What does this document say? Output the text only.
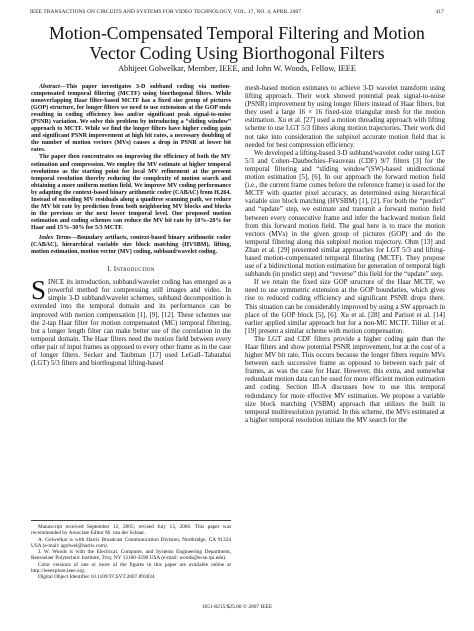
IEEE TRANSACTIONS ON CIRCUITS AND SYSTEMS FOR VIDEO TECHNOLOGY, VOL. 17, NO. 4, APRIL 2007	417
Motion-Compensated Temporal Filtering and Motion
Vector Coding Using Biorthogonal Filters
Abhijeet Golwelkar, Member, IEEE, and John W. Woods, Fellow, IEEE

Abstract—This paper investigates 3-D subband coding via motion-compensated temporal filtering (MCTF) using biorthogonal filters. While nonoverlapping Haar filter-based MCTF has a fixed size group of pictures (GOP) structure, for longer filters we need to use extensions at the GOP ends resulting in coding efficiency loss and/or significant peak signal-to-noise (PSNR) variation. We solve this problem by introducing a “sliding window” approach to MCTF. While we find the longer filters have higher coding gain and significant PSNR improvement at high bit rates, a necessary doubling of the number of motion vectors (MVs) causes a drop in PSNR at lower bit rates.

The paper then concentrates on improving the efficiency of both the MV estimation and compression. We employ the MV estimate at higher temporal resolutions as the starting point for local MV refinement at the present temporal resolution thereby reducing the complexity of motion search and obtaining a more uniform motion field. We improve MV coding performance by adapting the context-based binary arithmetic coder (CABAC) from H.264. Instead of encoding MV residuals along a quadtree scanning path, we reduce the MV bit rate by prediction from both neighboring MV blocks and blocks in the previous or the next lower temporal level. Our proposed motion estimation and coding schemes can reduce the MV bit rate by 10%–20% for Haar and 15%–30% for 5/3 MCTF.

Index Terms—Boundary artifacts, context-based binary arithmetic coder (CABAC), hierarchical variable size block matching (HVSBM), lifting, motion estimation, motion vector (MV) coding, subband/wavelet coding.

I. Introduction

SINCE its introduction, subband/wavelet coding has emerged as a powerful method for compressing still images and video. In simple 3-D subband/wavelet schemes, subband decomposition is extended into the temporal domain and its performance can be improved with motion compensation [1], [9], [12]. These schemes use the 2-tap Haar filter for motion compensated (MC) temporal filtering, but a longer length filter can make better use of the correlation in the temporal domain. The Haar filters need the motion field between every other pair of input frames as opposed to every other frame as in the case of longer filters. Secker and Taubman [17] used LeGall–Tabatabai (LGT) 5/3 filters and biorthogonal lifting-based

Manuscript received September 12, 2005; revised July 13, 2006. This paper was recommended by Associate Editor M. van der Schaar.

A. Golwelkar is with Harris Broadcast Communication Division, Northridge, CA 91324 USA (e-mail: agolwel@harris.com).

J. W. Woods is with the Electrical, Computer, and Systems Engineering Department, Rensselaer Polytechnic Institute, Troy, NY 12180-3590 USA (e-mail: woods@ecse.rpi.edu).

Color versions of one or more of the figures in this paper are available online at http://ieeexplore.ieee.org.

Digital Object Identifier 10.1109/TCSVT.2007.893834

mesh-based motion estimates to achieve 3-D wavelet transform using lifting approach. Their work showed potential peak signal-to-noise (PSNR) improvement by using longer filters instead of Haar filters, but they used a large 16 × 16 fixed-size triangular mesh for the motion estimation. Xu et al. [27] used a motion threading approach with lifting scheme to use LGT 5/3 filters along motion trajectories. Their work did not take into consideration the subpixel accurate motion field that is needed for best compression efficiency.

We developed a lifting-based 3-D subband/wavelet coder using LGT 5/3 and Cohen–Daubechies–Feauveau (CDF) 9/7 filters [3] for the temporal filtering and “sliding window”(SW)-based unidirectional motion estimation [5], [6]. In our approach the forward motion field (i.e., the current frame comes before the reference frame) is used for the MCTF with quarter pixel accuracy, as determined using hierarchical variable size block matching (HVSBM) [1], [2]. For both the “predict” and “update” step, we estimate and transmit a forward motion field between every consecutive frame and infer the backward motion field from this forward motion field. The goal here is to trace the motion vectors (MVs) in the given group of pictures (GOP) and do the temporal filtering along this subpixel motion trajectory. Ohm [13] and Zhan et al. [29] presented similar approaches for LGT 5/3 and lifting-based motion-compensated temporal filtering (MCTF). They propose use of a bidirectional motion estimation for generation of temporal high subbands (in predict step) and “reverse” this field for the “update” step.

If we retain the fixed size GOP structure of the Haar MCTF, we need to use symmetric extension at the GOP boundaries, which gives rise to reduced coding efficiency and significant PSNR drops there. This situation can be considerably improved by using a SW approach in place of the GOP block [5], [6]. Xu et al. [28] and Parisot et al. [14] earlier applied similar approach but for a non-MC MCTF. Tillier et al. [19] present a similar scheme with motion compensation.

The LGT and CDF filters provide a higher coding gain than the Haar filters and show potential PSNR improvement, but at the cost of a higher MV bit rate. This occurs because the longer filters require MVs between each successive frame as opposed to between each pair of frames, as was the case for Haar. However, this extra, and somewhat redundant motion data can be used for more efficient motion estimation and coding. Section III-A discusses how to use this temporal redundancy for more effective MV estimation. We propose a variable size block matching (VSBM) approach that utilizes the built in temporal multiresolution pyramid. In this scheme, the MVs estimated at a higher temporal resolution initiate the MV search for the

1051-8215/$25.00 © 2007 IEEE
